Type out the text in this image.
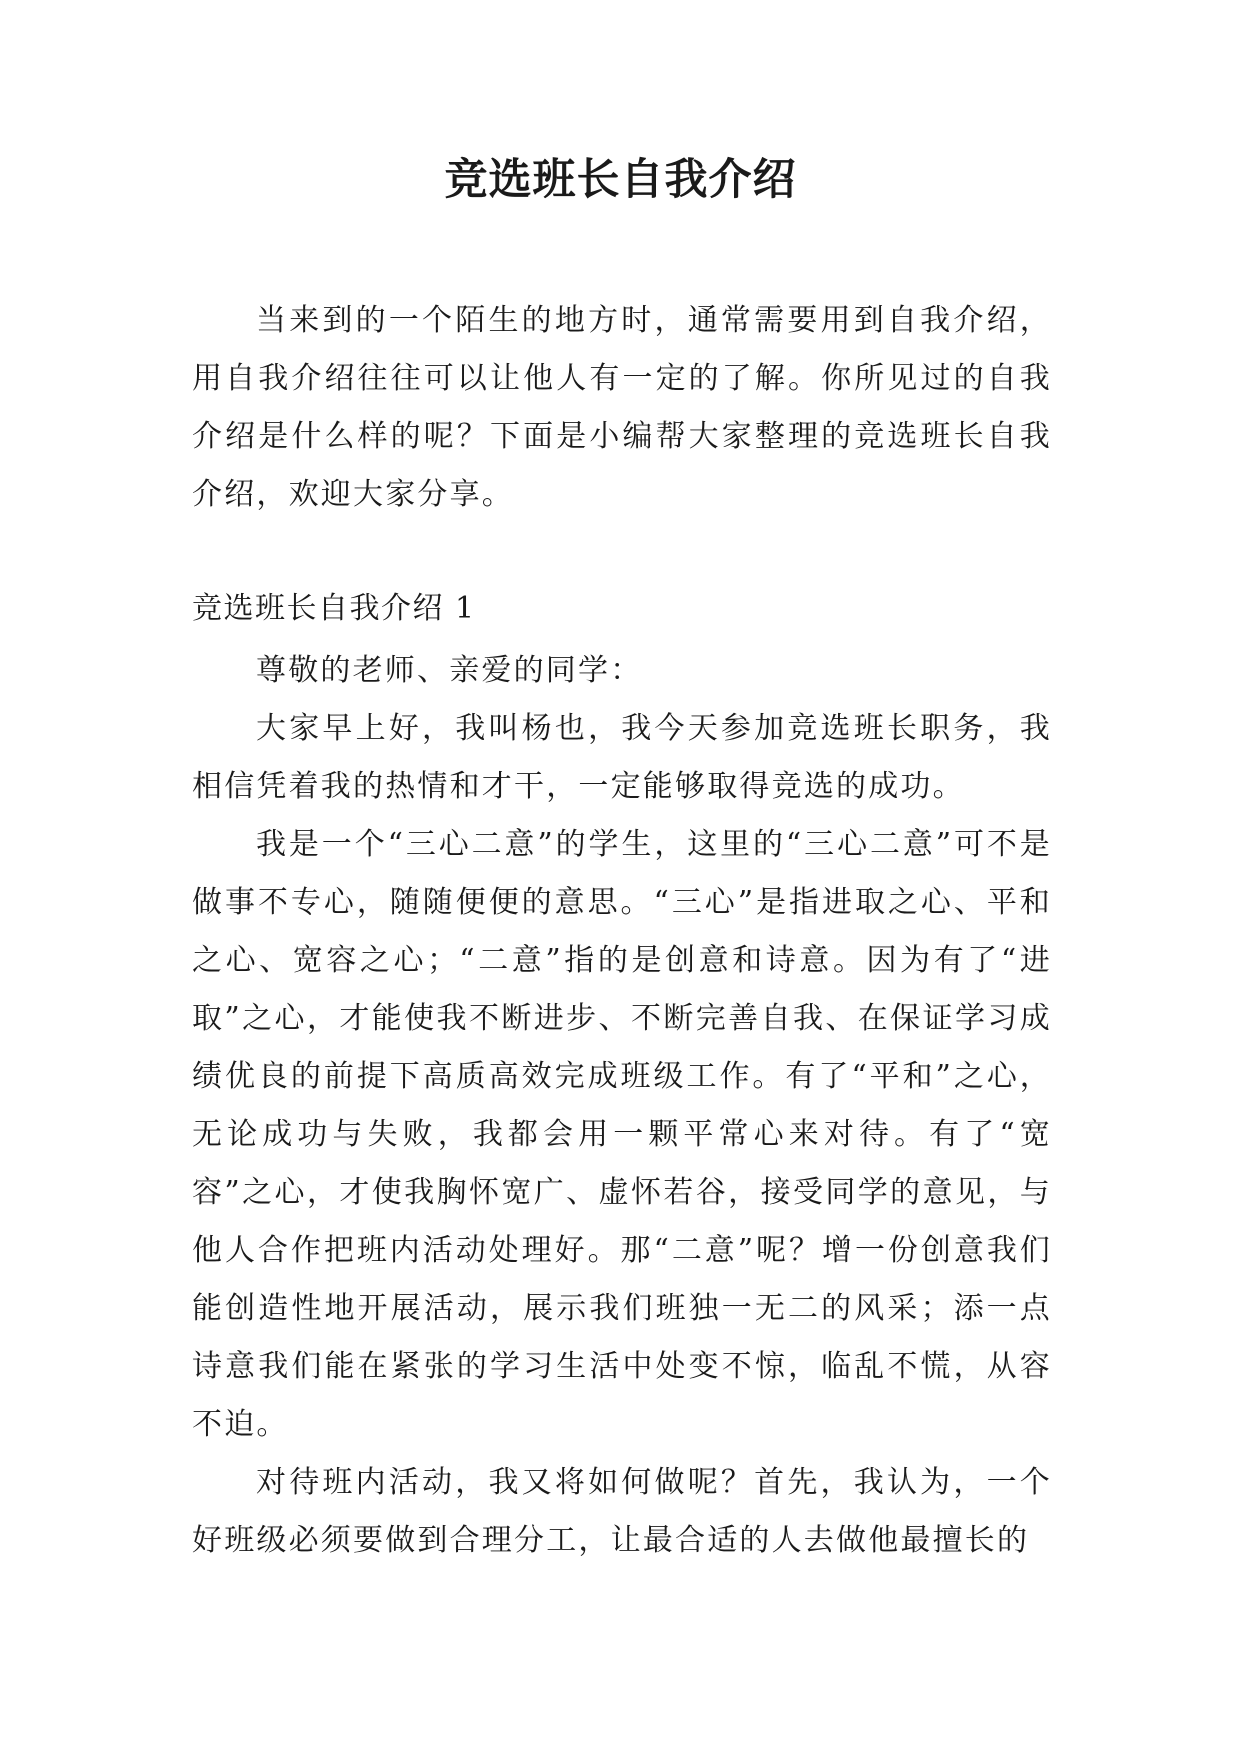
竞选班长自我介绍

当来到的一个陌生的地方时，通常需要用到自我介绍，用自我介绍往往可以让他人有一定的了解。你所见过的自我介绍是什么样的呢？下面是小编帮大家整理的竞选班长自我介绍，欢迎大家分享。

竞选班长自我介绍 1

尊敬的老师、亲爱的同学：

大家早上好，我叫杨也，我今天参加竞选班长职务，我相信凭着我的热情和才干，一定能够取得竞选的成功。

我是一个“三心二意”的学生，这里的“三心二意”可不是做事不专心，随随便便的意思。“三心”是指进取之心、平和之心、宽容之心；“二意”指的是创意和诗意。因为有了“进取”之心，才能使我不断进步、不断完善自我、在保证学习成绩优良的前提下高质高效完成班级工作。有了“平和”之心，无论成功与失败，我都会用一颗平常心来对待。有了“宽容”之心，才使我胸怀宽广、虚怀若谷，接受同学的意见，与他人合作把班内活动处理好。那“二意”呢？增一份创意我们能创造性地开展活动，展示我们班独一无二的风采；添一点诗意我们能在紧张的学习生活中处变不惊，临乱不慌，从容不迫。

对待班内活动，我又将如何做呢？首先，我认为，一个好班级必须要做到合理分工，让最合适的人去做他最擅长的
